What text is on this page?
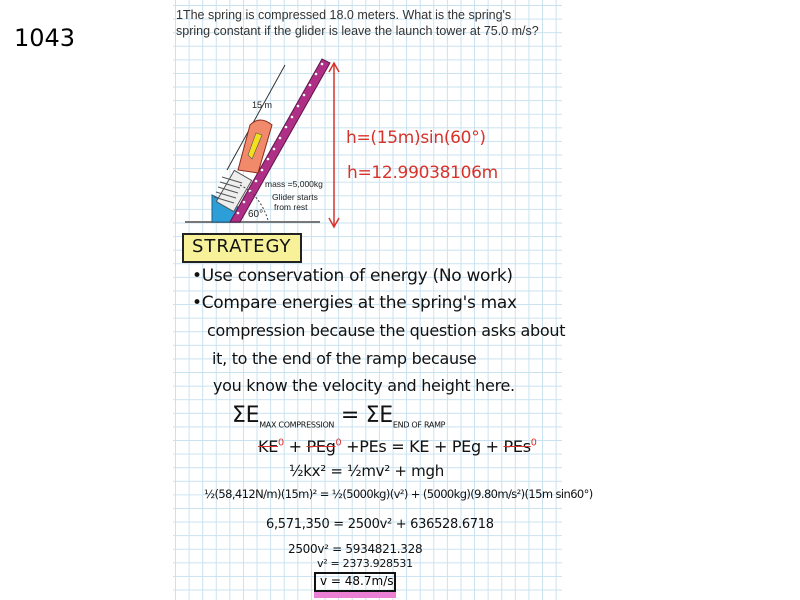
1043
1The spring is compressed 18.0 meters. What is the spring's
spring constant if the glider is leave the launch tower at 75.0 m/s?
15 m
mass =5,000kg
Glider starts
from rest
60°
h=(15m)sin(60°)
h=12.99038106m
STRATEGY
•Use conservation of energy (No work)
•Compare energies at the spring's max
compression because the question asks about
it, to the end of the ramp because
you know the velocity and height here.
$\Sigma E_{MAX COMPRESSION} = \Sigma E_{END OF RAMP}$
$KE^0 + PEg^0 +PEs$ = KE + PEg + PEs$^0$
½kx² = ½mv² + mgh
½(58,412N/m)(15m)² = ½(5000kg)(v²) + (5000kg)(9.80m/s²)(15m sin60°)
6,571,350 = 2500v² + 636528.6718
2500v² = 5934821.328
v² = 2373.928531
v = 48.7m/s
